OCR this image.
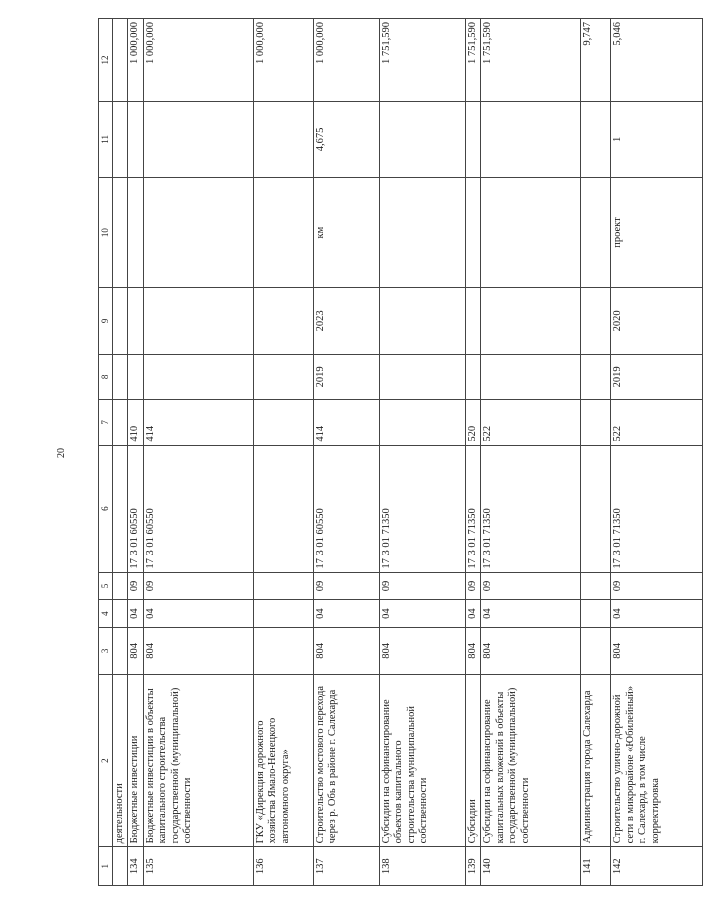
20
1	2	3	4	5	6	7	8	9	10	11	12
	деятельности										
134	Бюджетные инвестиции	804	04	09	17 3 01 60550	410					1 000,000
135	Бюджетные инвестиции в объекты капитального строительства государственной (муниципальной) собственности	804	04	09	17 3 01 60550	414					1 000,000
136	ГКУ «Дирекция дорожного хозяйства Ямало-Ненецкого автономного округа»										1 000,000
137	Строительство мостового перехода через р. Обь в районе г. Салехарда	804	04	09	17 3 01 60550	414	2019	2023	км	4,675	1 000,000
138	Субсидии на софинансирование объектов капитального строительства муниципальной собственности	804	04	09	17 3 01 71350						1 751,590
139	Субсидии	804	04	09	17 3 01 71350	520					1 751,590
140	Субсидии на софинансирование капитальных вложений в объекты государственной (муниципальной) собственности	804	04	09	17 3 01 71350	522					1 751,590
141	Администрация города Салехарда										9,747
142	Строительство улично-дорожной сети в микрорайоне «Юбилейный» г. Салехард, в том числе корректировка	804	04	09	17 3 01 71350	522	2019	2020	проект	1	5,046
